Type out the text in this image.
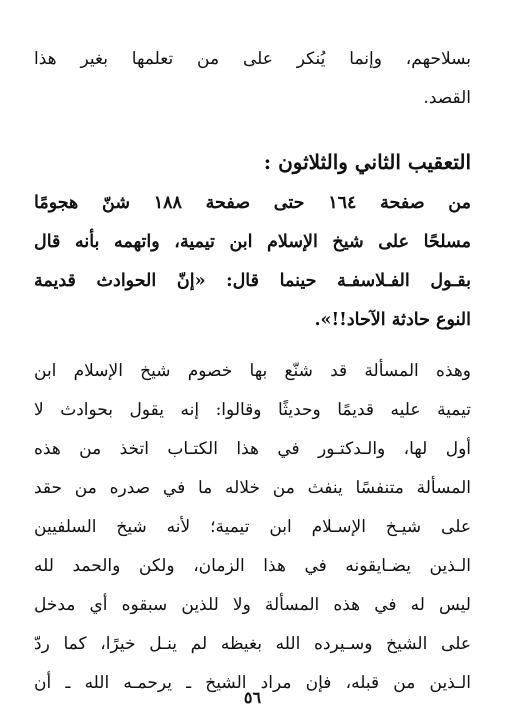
بسلاحهم، وإنما يُنكر على من تعلمها بغير هذا
القصد.
التعقيب الثاني والثلاثون :
من صفحة ١٦٤ حتى صفحة ١٨٨ شنّ هجومًا
مسلحًا على شيخ الإسلام ابن تيمية، واتهمه بأنه قال
بقـول الفـلاسفـة حينما قال: «إنّ الحوادث قديمة
النوع حادثة الآحاد!!».
وهذه المسألة قد شنّع بها خصوم شيخ الإسلام ابن
تيمية عليه قديمًا وحديثًا وقالوا: إنه يقول بحوادث لا
أول لها، والـدكتـور في هذا الكتـاب اتخذ من هذه
المسألة متنفسًا ينفث من خلاله ما في صدره من حقد
على شيـخ الإسـلام ابن تيمية؛ لأنه شيخ السلفيين
الـذين يضـايقونه في هذا الزمان، ولكن والحمد لله
ليس له في هذه المسألة ولا للذين سبقوه أي مدخل
على الشيخ وسـيرده الله بغيظه لم ينـل خيرًا، كما ردّ
الـذين من قبله، فإن مراد الشيخ ـ يرحمـه الله ـ أن
٥٦
